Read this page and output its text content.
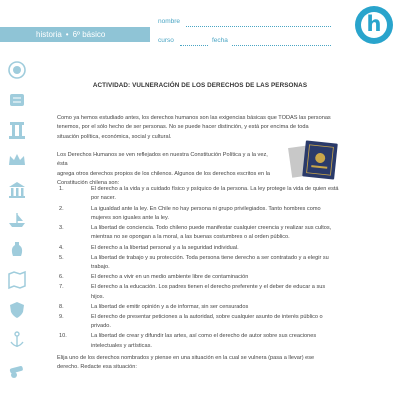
historia • 6º básico
nombre
curso	fecha
h
ACTIVIDAD: VULNERACIÓN DE LOS DERECHOS DE LAS PERSONAS
Como ya hemos estudiado antes, los derechos humanos son las exigencias básicas que TODAS las personas
tenemos, por el sólo hecho de ser personas. No se puede hacer distinción, y está por encima de toda
situación política, económica, social y cultural.
Los Derechos Humanos se ven reflejados en nuestra Constitución Política y a la vez, ésta
agrega otros derechos propios de los chilenos. Algunos de los derechos escritos en la
Constitución chilena son:
1.	El derecho a la vida y a cuidado físico y psíquico de la persona. La ley protege la vida de quien está
por nacer.
2.	La igualdad ante la ley. En Chile no hay persona ni grupo privilegiados. Tanto hombres como
mujeres son iguales ante la ley.
3.	La libertad de conciencia. Todo chileno puede manifestar cualquier creencia y realizar sus cultos,
mientras no se opongan a la moral, a las buenas costumbres o al orden público.
4.	El derecho a la libertad personal y a la seguridad individual.
5.	La libertad de trabajo y su protección. Toda persona tiene derecho a ser contratado y a elegir su
trabajo.
6.	El derecho a vivir en un medio ambiente libre de contaminación
7.	El derecho a la educación. Los padres tienen el derecho preferente y el deber de educar a sus
hijos.
8.	La libertad de emitir opinión y a de informar, sin ser censurados
9.	El derecho de presentar peticiones a la autoridad, sobre cualquier asunto de interés público o
privado.
10.	La libertad de crear y difundir las artes, así como el derecho de autor sobre sus creaciones
intelectuales y artísticas.
Elija uno de los derechos nombrados y piense en una situación en la cual se vulnera (pasa a llevar) ese
derecho. Redacte esa situación:
